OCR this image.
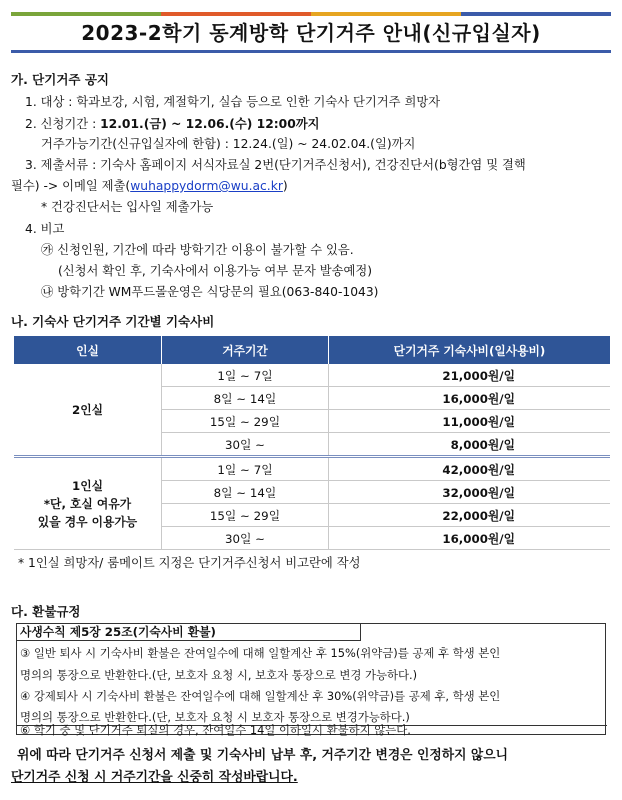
2023-2학기 동계방학 단기거주 안내(신규입실자)
가. 단기거주 공지
1. 대상 : 학과보강, 시험, 계절학기, 실습 등으로 인한 기숙사 단기거주 희망자
2. 신청기간 : 12.01.(금) ~ 12.06.(수) 12:00까지
거주가능기간(신규입실자에 한함) : 12.24.(일) ~ 24.02.04.(일)까지
3. 제출서류 : 기숙사 홈페이지 서식자료실 2번(단기거주신청서), 건강진단서(b형간염 및 결핵
필수) -> 이메일 제출(wuhappydorm@wu.ac.kr)
* 건강진단서는 입사일 제출가능
4. 비고
㉮ 신청인원, 기간에 따라 방학기간 이용이 불가할 수 있음.
(신청서 확인 후, 기숙사에서 이용가능 여부 문자 발송예정)
㉯ 방학기간 WM푸드몰운영은 식당문의 필요(063-840-1043)
나. 기숙사 단기거주 기간별 기숙사비
인실	거주기간	단기거주 기숙사비(일사용비)
2인실	1일 ~ 7일	21,000원/일
	8일 ~ 14일	16,000원/일
	15일 ~ 29일	11,000원/일
	30일 ~	8,000원/일

1인실
*단, 호실 여유가
있을 경우 이용가능	1일 ~ 7일	42,000원/일
	8일 ~ 14일	32,000원/일
	15일 ~ 29일	22,000원/일
	30일 ~	16,000원/일
* 1인실 희망자/ 룸메이트 지정은 단기거주신청서 비고란에 작성
다. 환불규정
사생수칙 제5장 25조(기숙사비 환불)
③ 일반 퇴사 시 기숙사비 환불은 잔여일수에 대해 일할계산 후 15%(위약금)를 공제 후 학생 본인
명의의 통장으로 반환한다.(단, 보호자 요청 시, 보호자 통장으로 변경 가능하다.)
④ 강제퇴사 시 기숙사비 환불은 잔여일수에 대해 일할계산 후 30%(위약금)를 공제 후, 학생 본인
명의의 통장으로 반환한다.(단, 보호자 요청 시 보호자 통장으로 변경가능하다.)
⑥ 학기 중 및 단기거주 퇴실의 경우, 잔여일수 14일 이하일시 환불하지 않는다.
위에 따라 단기거주 신청서 제출 및 기숙사비 납부 후, 거주기간 변경은 인정하지 않으니
단기거주 신청 시 거주기간을 신중히 작성바랍니다.
